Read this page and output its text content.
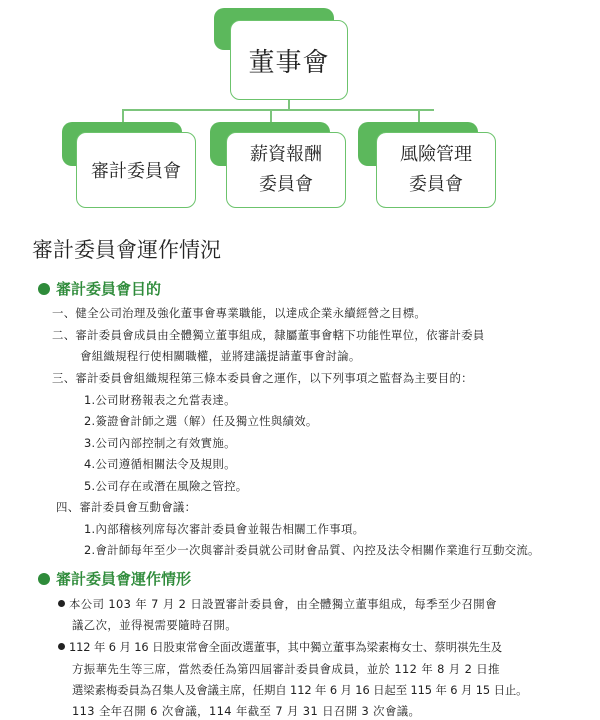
董事會
審計委員會
薪資報酬
委員會
風險管理
委員會
審計委員會運作情況
審計委員會目的
一、健全公司治理及強化董事會專業職能，以達成企業永續經營之目標。
二、審計委員會成員由全體獨立董事組成，隸屬董事會轄下功能性單位，依審計委員
會組織規程行使相關職權，並將建議提請董事會討論。
三、審計委員會組織規程第三條本委員會之運作，以下列事項之監督為主要目的：
1.公司財務報表之允當表達。
2.簽證會計師之選（解）任及獨立性與績效。
3.公司內部控制之有效實施。
4.公司遵循相關法令及規則。
5.公司存在或潛在風險之管控。
四、審計委員會互動會議：
1.內部稽核列席每次審計委員會並報告相關工作事項。
2.會計師每年至少一次與審計委員就公司財會品質、內控及法令相關作業進行互動交流。
審計委員會運作情形
本公司 103 年 7 月 2 日設置審計委員會，由全體獨立董事組成，每季至少召開會
議乙次，並得視需要隨時召開。
112 年 6 月 16 日股東常會全面改選董事，其中獨立董事為梁素梅女士、蔡明祺先生及
方振華先生等三席，當然委任為第四屆審計委員會成員，並於 112 年 8 月 2 日推
選梁素梅委員為召集人及會議主席，任期自 112 年 6 月 16 日起至 115 年 6 月 15 日止。
113 全年召開 6 次會議，114 年截至 7 月 31 日召開 3 次會議。
